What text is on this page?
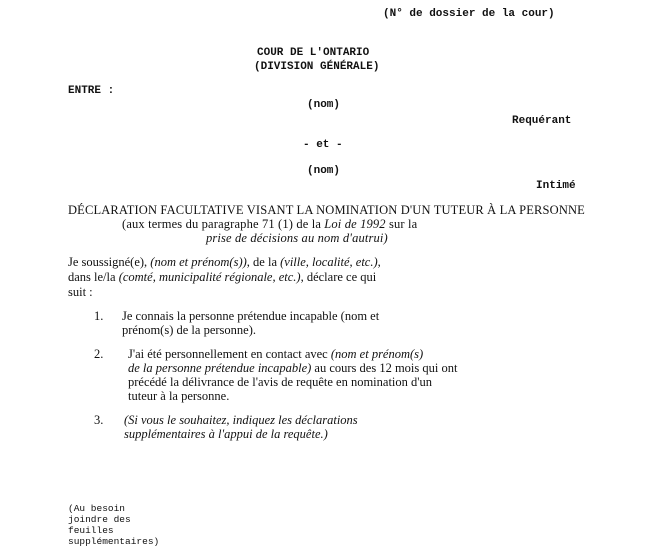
(N° de dossier de la cour)
COUR DE L'ONTARIO
(DIVISION GÉNÉRALE)
ENTRE :
(nom)
Requérant
- et -
(nom)
Intimé
DÉCLARATION FACULTATIVE VISANT LA NOMINATION D'UN TUTEUR À LA PERSONNE
(aux termes du paragraphe 71 (1) de la Loi de 1992 sur la
prise de décisions au nom d'autrui)
Je soussigné(e), (nom et prénom(s)), de la (ville, localité, etc.),
dans le/la (comté, municipalité régionale, etc.), déclare ce qui
suit :
1. Je connais la personne prétendue incapable (nom et
prénom(s) de la personne).
2. J'ai été personnellement en contact avec (nom et prénom(s)
de la personne prétendue incapable) au cours des 12 mois qui ont
précédé la délivrance de l'avis de requête en nomination d'un
tuteur à la personne.
3. (Si vous le souhaitez, indiquez les déclarations
supplémentaires à l'appui de la requête.)
(Au besoin
joindre des
feuilles
supplémentaires)
